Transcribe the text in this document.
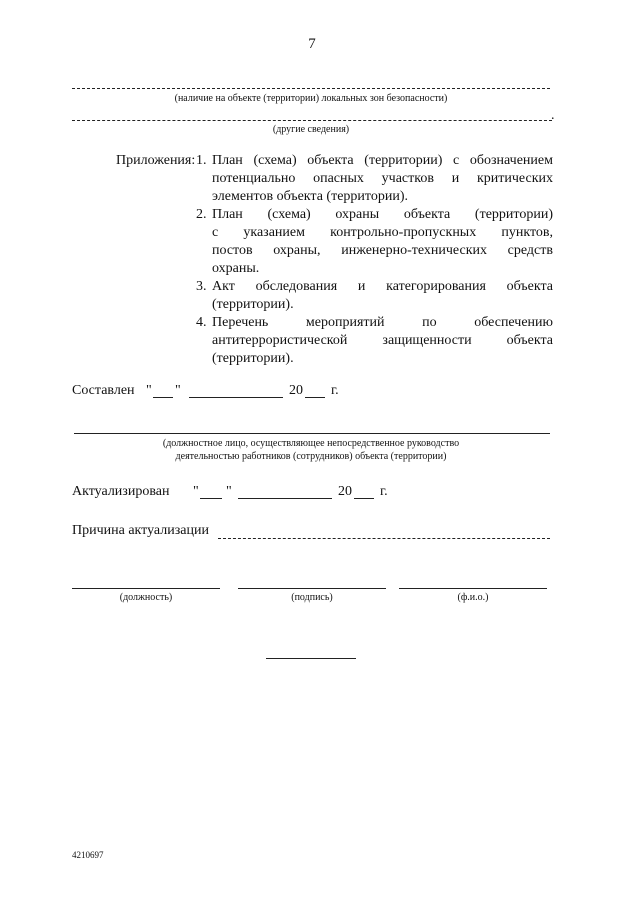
7
(наличие на объекте (территории) локальных зон безопасности)
.
(другие сведения)
Приложения: 1. План (схема) объекта (территории) с обозначением
потенциально опасных участков и критических
элементов объекта (территории).
2. План (схема) охраны объекта (территории)
с указанием контрольно-пропускных пунктов,
постов охраны, инженерно-технических средств
охраны.
3. Акт обследования и категорирования объекта
(территории).
4. Перечень мероприятий по обеспечению
антитеррористической защищенности объекта
(территории).
Составлен " "	20 г.
(должностное лицо, осуществляющее непосредственное руководство
деятельностью работников (сотрудников) объекта (территории)
Актуализирован " "	20 г.
Причина актуализации
(должность)	(подпись)	(ф.и.о.)
4210697
